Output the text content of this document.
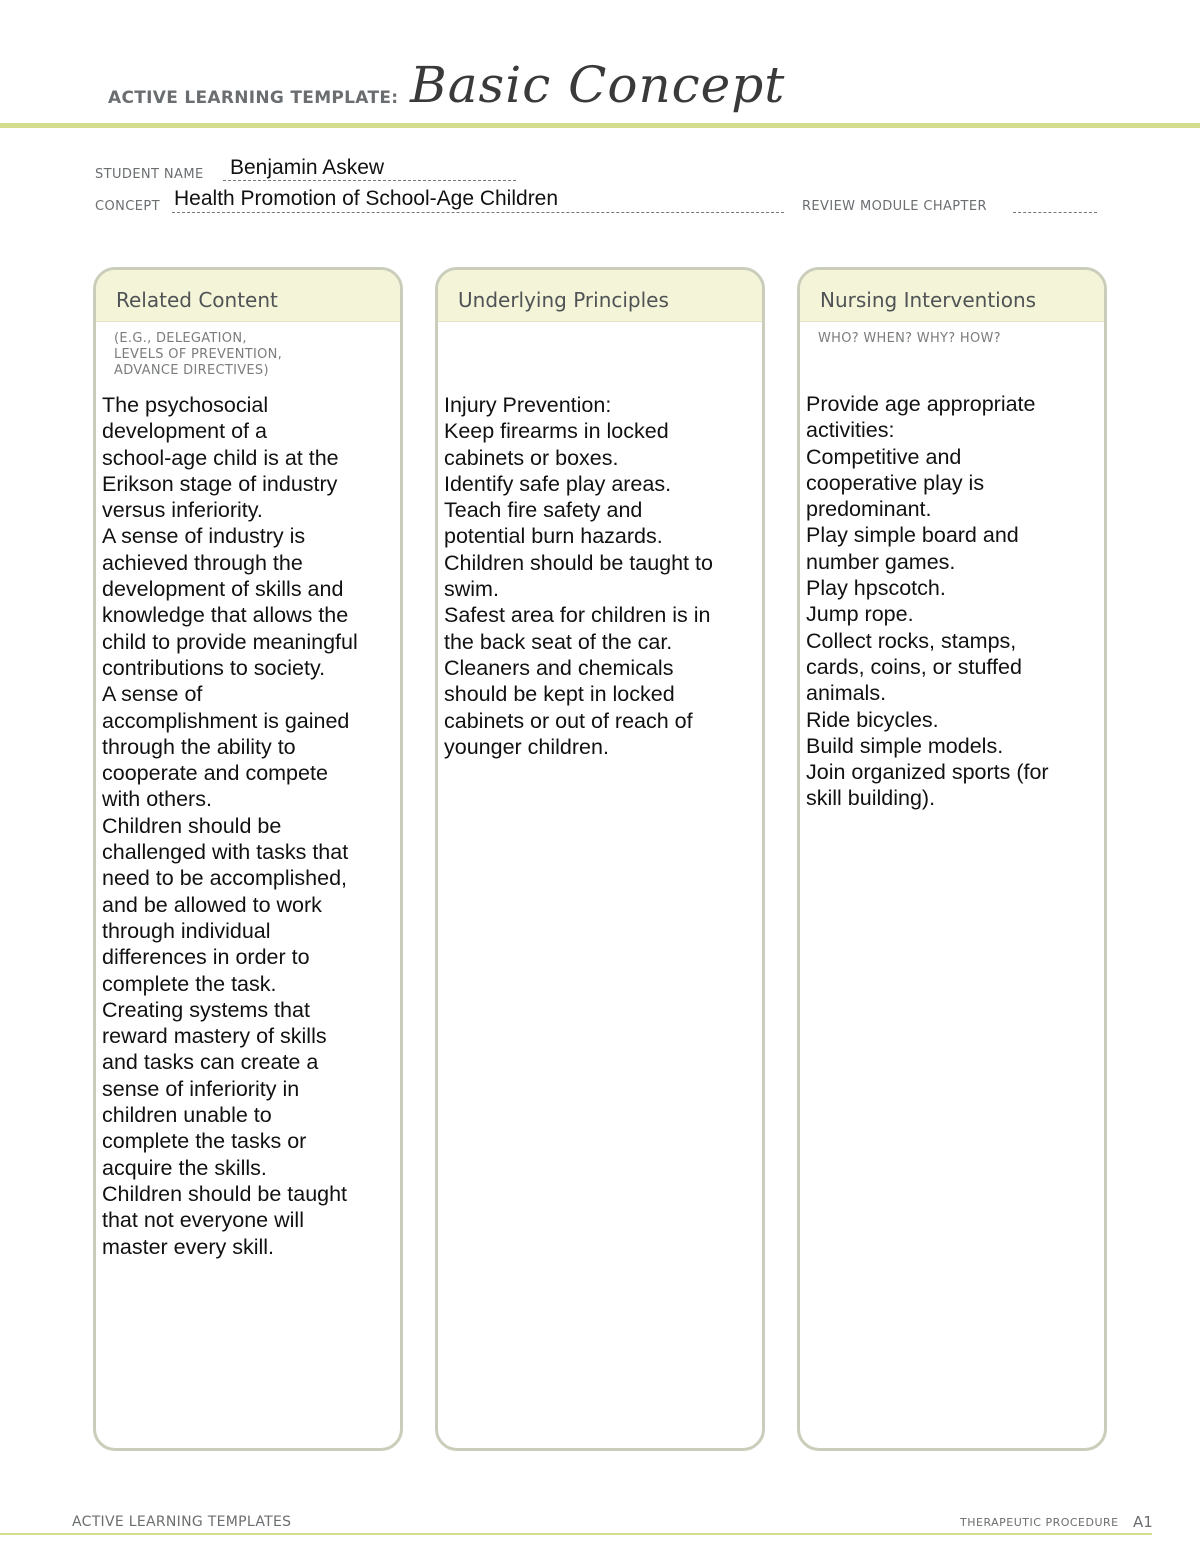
ACTIVE LEARNING TEMPLATE: Basic Concept
STUDENT NAME Benjamin Askew
CONCEPT Health Promotion of School-Age Children	REVIEW MODULE CHAPTER
Related Content
(E.G., DELEGATION,
LEVELS OF PREVENTION,
ADVANCE DIRECTIVES)
The psychosocial
development of a
school-age child is at the
Erikson stage of industry
versus inferiority.
A sense of industry is
achieved through the
development of skills and
knowledge that allows the
child to provide meaningful
contributions to society.
A sense of
accomplishment is gained
through the ability to
cooperate and compete
with others.
Children should be
challenged with tasks that
need to be accomplished,
and be allowed to work
through individual
differences in order to
complete the task.
Creating systems that
reward mastery of skills
and tasks can create a
sense of inferiority in
children unable to
complete the tasks or
acquire the skills.
Children should be taught
that not everyone will
master every skill.
Underlying Principles
Injury Prevention:
Keep firearms in locked
cabinets or boxes.
Identify safe play areas.
Teach fire safety and
potential burn hazards.
Children should be taught to
swim.
Safest area for children is in
the back seat of the car.
Cleaners and chemicals
should be kept in locked
cabinets or out of reach of
younger children.
Nursing Interventions
WHO? WHEN? WHY? HOW?
Provide age appropriate
activities:
Competitive and
cooperative play is
predominant.
Play simple board and
number games.
Play hpscotch.
Jump rope.
Collect rocks, stamps,
cards, coins, or stuffed
animals.
Ride bicycles.
Build simple models.
Join organized sports (for
skill building).
ACTIVE LEARNING TEMPLATES	THERAPEUTIC PROCEDURE A1
